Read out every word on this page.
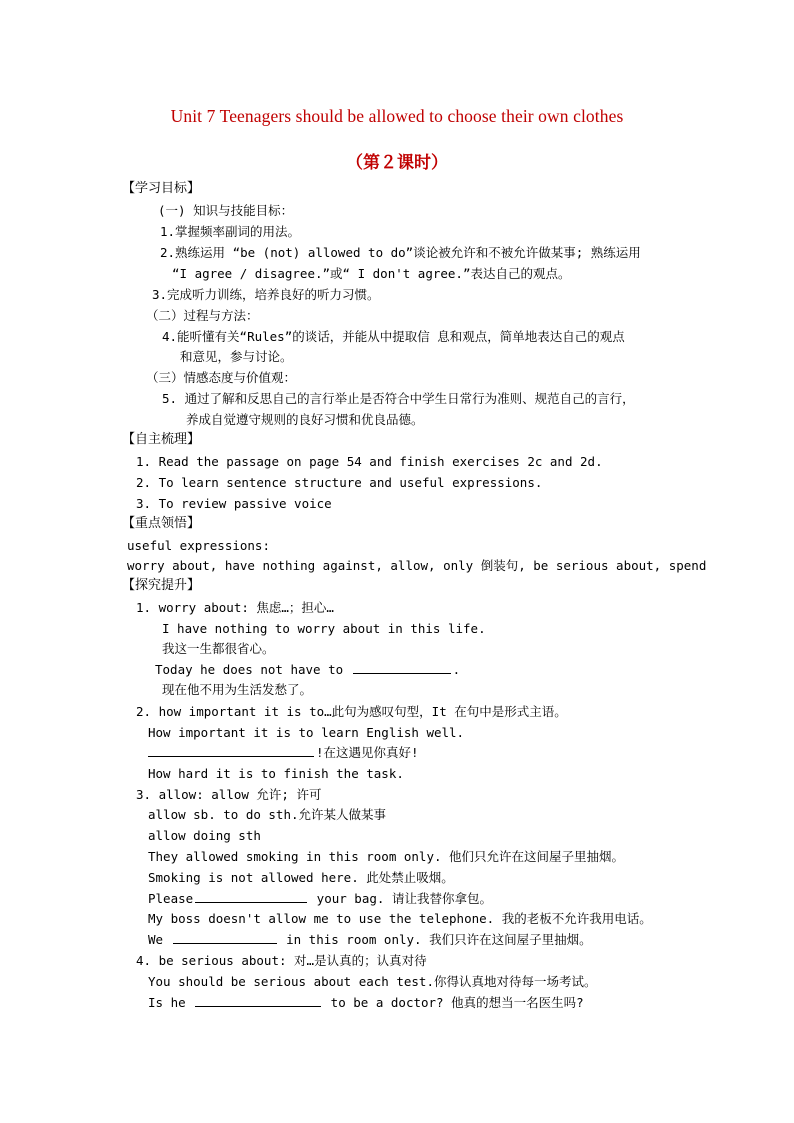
Unit 7 Teenagers should be allowed to choose their own clothes
（第２课时）
【学习目标】
(一) 知识与技能目标：
1.掌握频率副词的用法。
2.熟练运用 “be (not) allowed to do”谈论被允许和不被允许做某事; 熟练运用
“I agree / disagree.”或“ I don't agree.”表达自己的观点。
3.完成听力训练，培养良好的听力习惯。
（二）过程与方法：
4.能听懂有关“Rules”的谈话，并能从中提取信 息和观点，简单地表达自己的观点
和意见，参与讨论。
（三）情感态度与价值观：
5. 通过了解和反思自己的言行举止是否符合中学生日常行为准则、规范自己的言行，
养成自觉遵守规则的良好习惯和优良品德。
【自主梳理】
1. Read the passage on page 54 and finish exercises 2c and 2d.
2. To learn sentence structure and useful expressions.
3. To review passive voice
【重点领悟】
useful expressions:
worry about, have nothing against, allow, only 倒装句, be serious about, spend
【探究提升】
1. worry about: 焦虑…；担心…
I have nothing to worry about in this life.
我这一生都很省心。
Today he does not have to	.
现在他不用为生活发愁了。
2. how important it is to…此句为感叹句型，It 在句中是形式主语。
How important it is to learn English well.
!在这遇见你真好!
How hard it is to finish the task.
3. allow: allow 允许; 许可
allow sb. to do sth.允许某人做某事
allow doing sth
They allowed smoking in this room only. 他们只允许在这间屋子里抽烟。
Smoking is not allowed here. 此处禁止吸烟。
Please	your bag. 请让我替你拿包。
My boss doesn't allow me to use the telephone. 我的老板不允许我用电话。
We	in this room only. 我们只许在这间屋子里抽烟。
4. be serious about: 对…是认真的；认真对待
You should be serious about each test.你得认真地对待每一场考试。
Is he	to be a doctor? 他真的想当一名医生吗?
